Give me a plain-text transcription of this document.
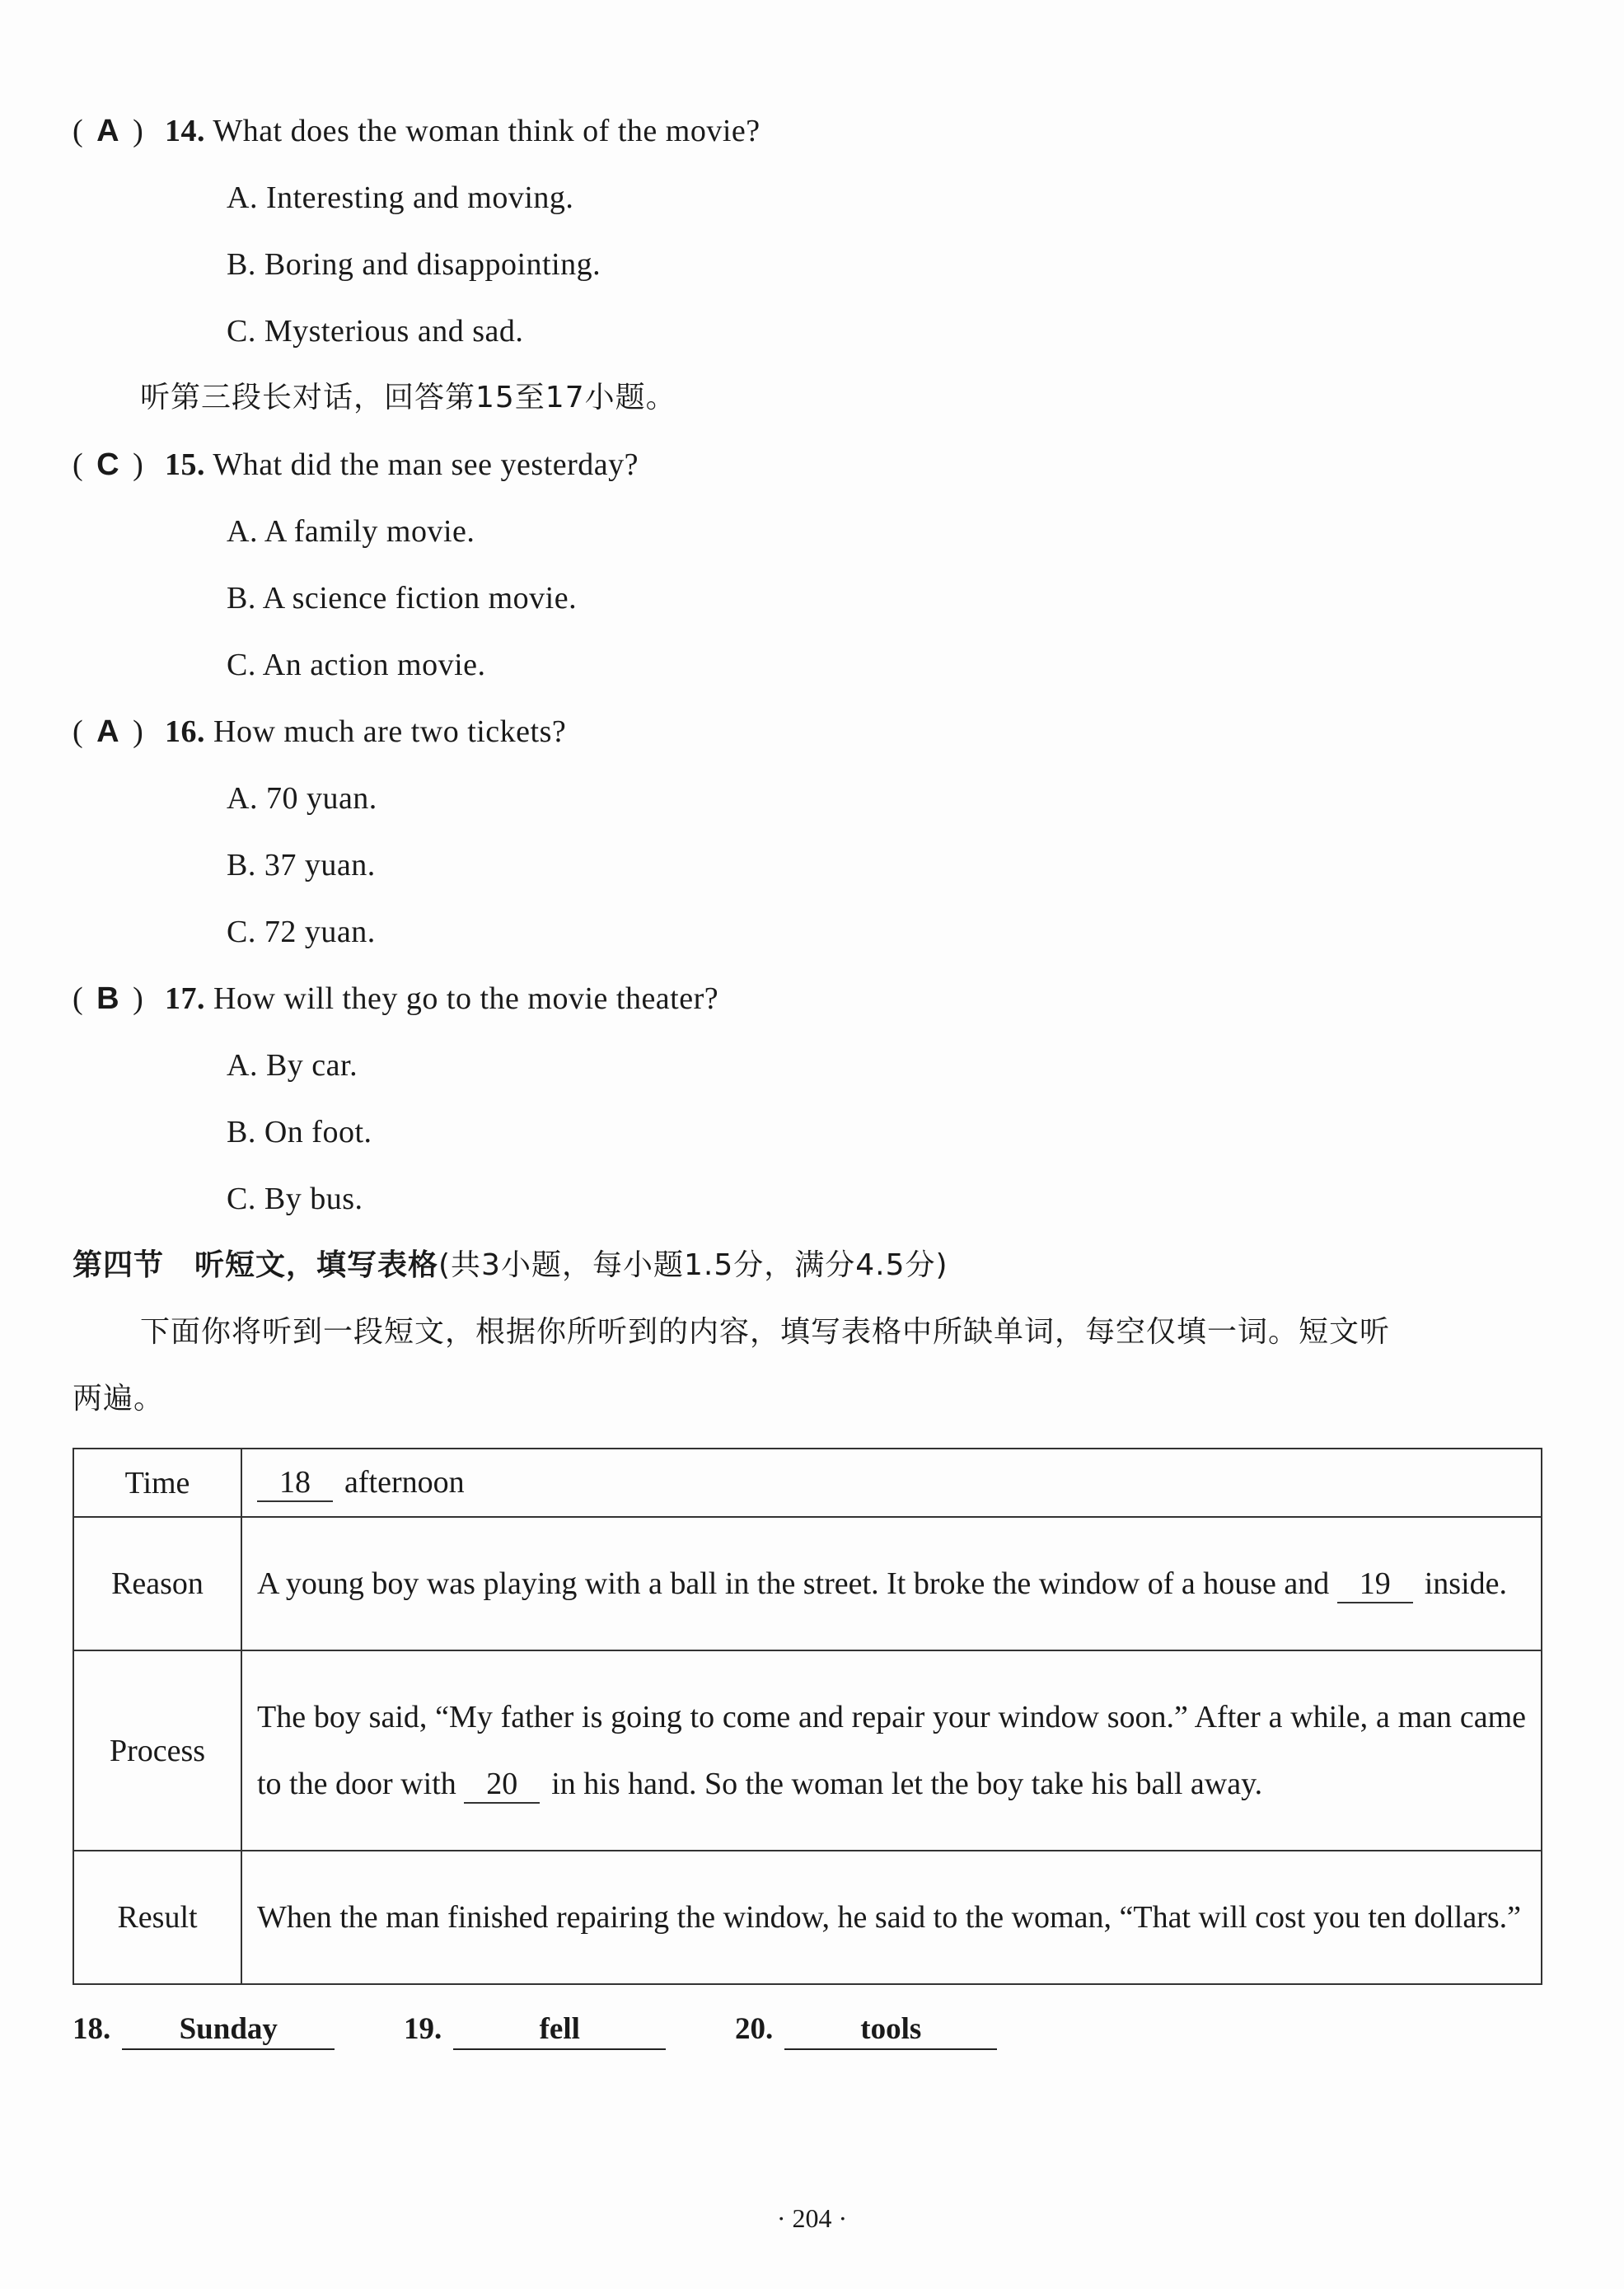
( A ) 14. What does the woman think of the movie?
A. Interesting and moving.
B. Boring and disappointing.
C. Mysterious and sad.
听第三段长对话，回答第15至17小题。
( C ) 15. What did the man see yesterday?
A. A family movie.
B. A science fiction movie.
C. An action movie.
( A ) 16. How much are two tickets?
A. 70 yuan.
B. 37 yuan.
C. 72 yuan.
( B ) 17. How will they go to the movie theater?
A. By car.
B. On foot.
C. By bus.
第四节　听短文，填写表格(共3小题，每小题1.5分，满分4.5分)
下面你将听到一段短文，根据你所听到的内容，填写表格中所缺单词，每空仅填一词。短文听
两遍。
Time	18 afternoon
Reason	A young boy was playing with a ball in the street. It broke the window of a house and 19 inside.
Process	The boy said, “My father is going to come and repair your window soon.” After a while, a man came to the door with 20 in his hand. So the woman let the boy take his ball away.
Result	When the man finished repairing the window, he said to the woman, “That will cost you ten dollars.”
18. Sunday	19.	fell	20.	tools
· 204 ·
